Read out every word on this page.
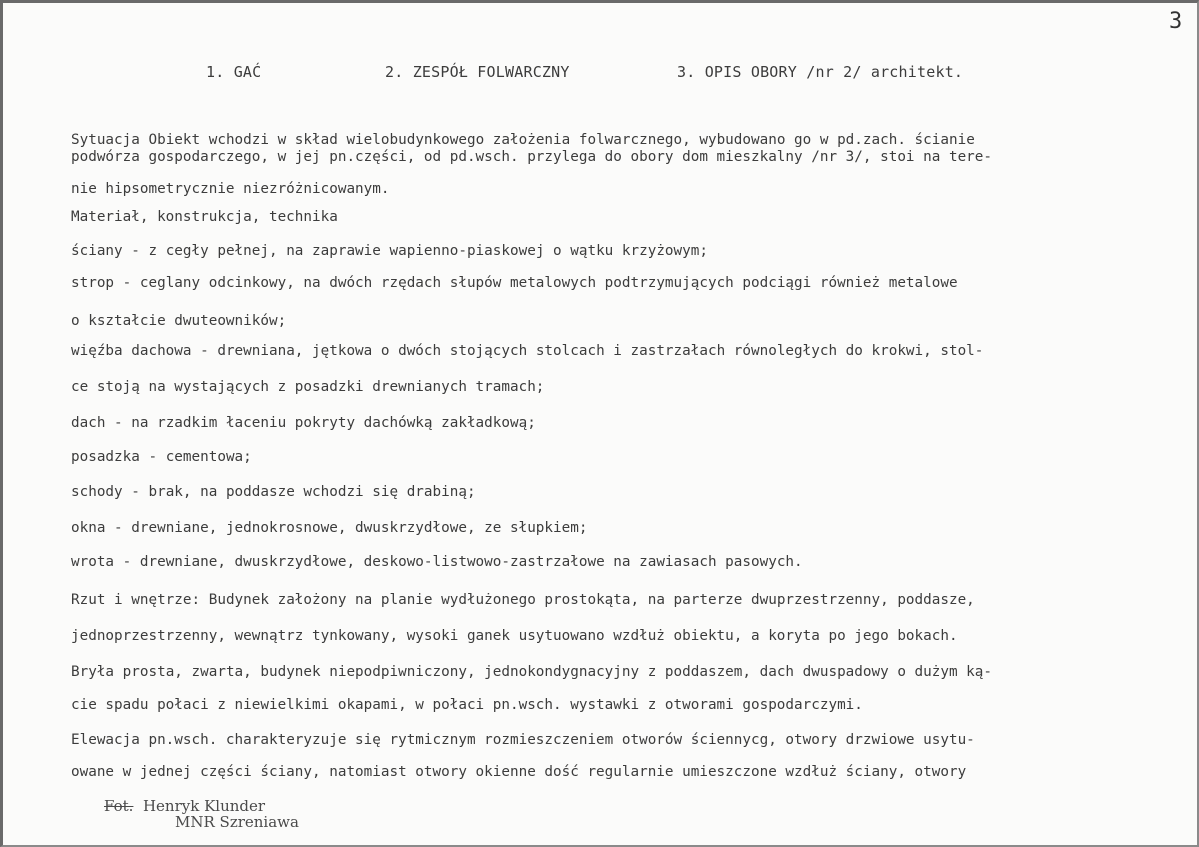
3
1. GAĆ	2. ZESPÓŁ FOLWARCZNY	3. OPIS OBORY /nr 2/ architekt.
Sytuacja Obiekt wchodzi w skład wielobudynkowego założenia folwarcznego, wybudowano go w pd.zach. ścianie
podwórza gospodarczego, w jej pn.części, od pd.wsch. przylega do obory dom mieszkalny /nr 3/, stoi na tere-
nie hipsometrycznie niezróżnicowanym.
Materiał, konstrukcja, technika
ściany - z cegły pełnej, na zaprawie wapienno-piaskowej o wątku krzyżowym;
strop - ceglany odcinkowy, na dwóch rzędach słupów metalowych podtrzymujących podciągi również metalowe
o kształcie dwuteowników;
więźba dachowa - drewniana, jętkowa o dwóch stojących stolcach i zastrzałach równoległych do krokwi, stol-
ce stoją na wystających z posadzki drewnianych tramach;
dach - na rzadkim łaceniu pokryty dachówką zakładkową;
posadzka - cementowa;
schody - brak, na poddasze wchodzi się drabiną;
okna - drewniane, jednokrosnowe, dwuskrzydłowe, ze słupkiem;
wrota - drewniane, dwuskrzydłowe, deskowo-listwowo-zastrzałowe na zawiasach pasowych.
Rzut i wnętrze: Budynek założony na planie wydłużonego prostokąta, na parterze dwuprzestrzenny, poddasze,
jednoprzestrzenny, wewnątrz tynkowany, wysoki ganek usytuowano wzdłuż obiektu, a koryta po jego bokach.
Bryła prosta, zwarta, budynek niepodpiwniczony, jednokondygnacyjny z poddaszem, dach dwuspadowy o dużym ką-
cie spadu połaci z niewielkimi okapami, w połaci pn.wsch. wystawki z otworami gospodarczymi.
Elewacja pn.wsch. charakteryzuje się rytmicznym rozmieszczeniem otworów ściennycg, otwory drzwiowe usytu-
owane w jednej części ściany, natomiast otwory okienne dość regularnie umieszczone wzdłuż ściany, otwory
Fot. Henryk Klunder
MNR Szreniawa
